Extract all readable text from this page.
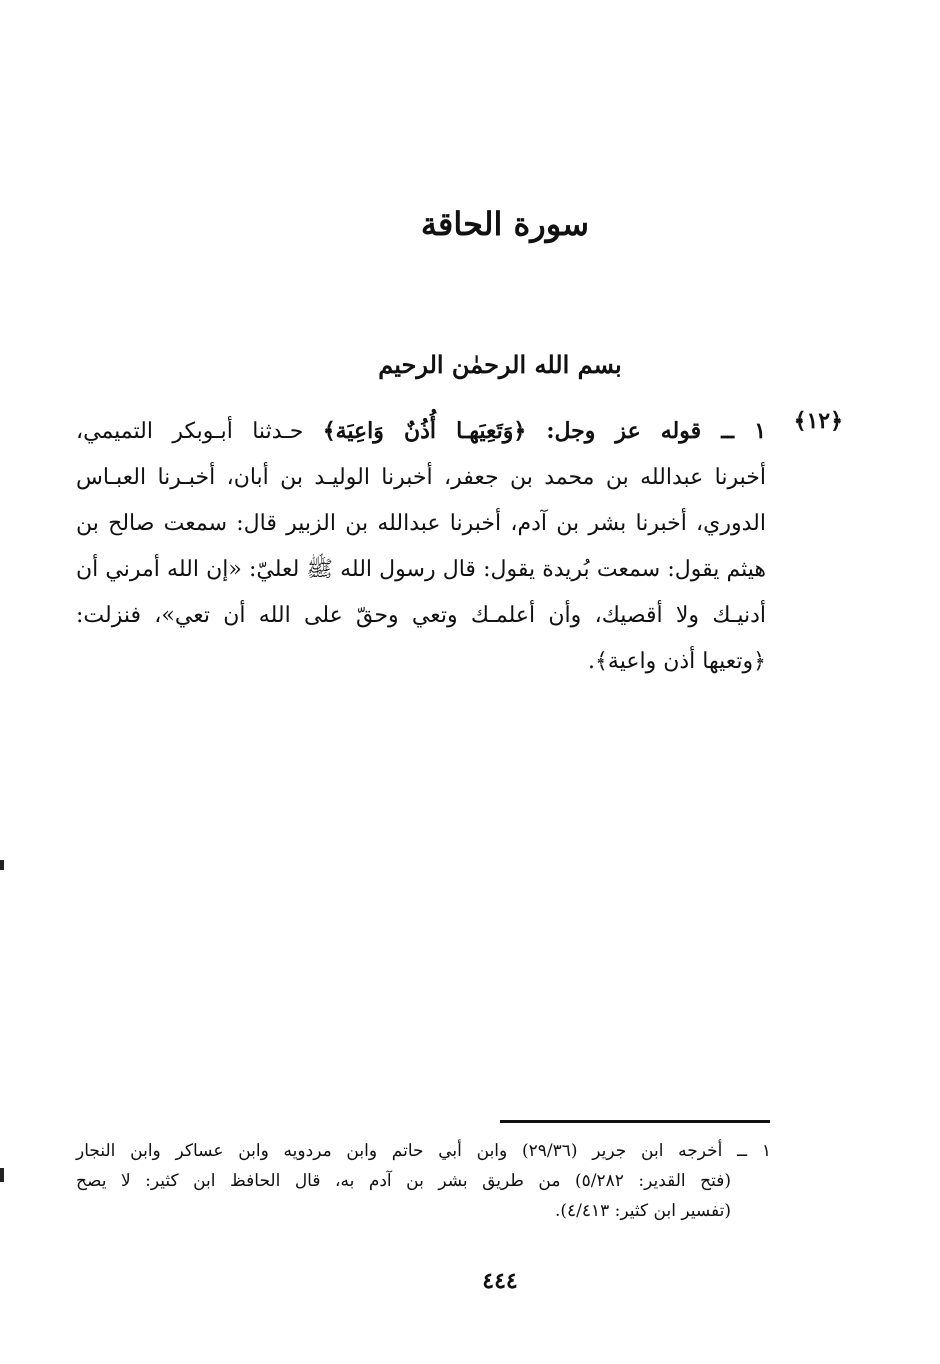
سورة الحاقة
بسم الله الرحمٰن الرحيم
﴿١٢﴾
١ ــ قوله عز وجل: ﴿وَتَعِيَهـا أُذُنٌ وَاعِيَة﴾ حـدثنا أبـوبكر التميمي،
أخبرنا عبدالله بن محمد بن جعفر، أخبرنا الوليـد بن أبان، أخبـرنا العبـاس
الدوري، أخبرنا بشر بن آدم، أخبرنا عبدالله بن الزبير قال: سمعت صالح بن
هيثم يقول: سمعت بُريدة يقول: قال رسول الله ﷺ لعليّ: «إن الله أمرني أن
أدنيـك ولا أقصيك، وأن أعلمـك وتعي وحقّ على الله أن تعي»، فنزلت:
﴿وتعيها أذن واعية﴾.
١ ــ أخرجه ابن جرير (٢٩/٣٦) وابن أبي حاتم وابن مردويه وابن عساكر وابن النجار
(فتح القدير: ٥/٢٨٢) من طريق بشر بن آدم به، قال الحافظ ابن كثير: لا يصح
(تفسير ابن كثير: ٤/٤١٣).
٤٤٤
